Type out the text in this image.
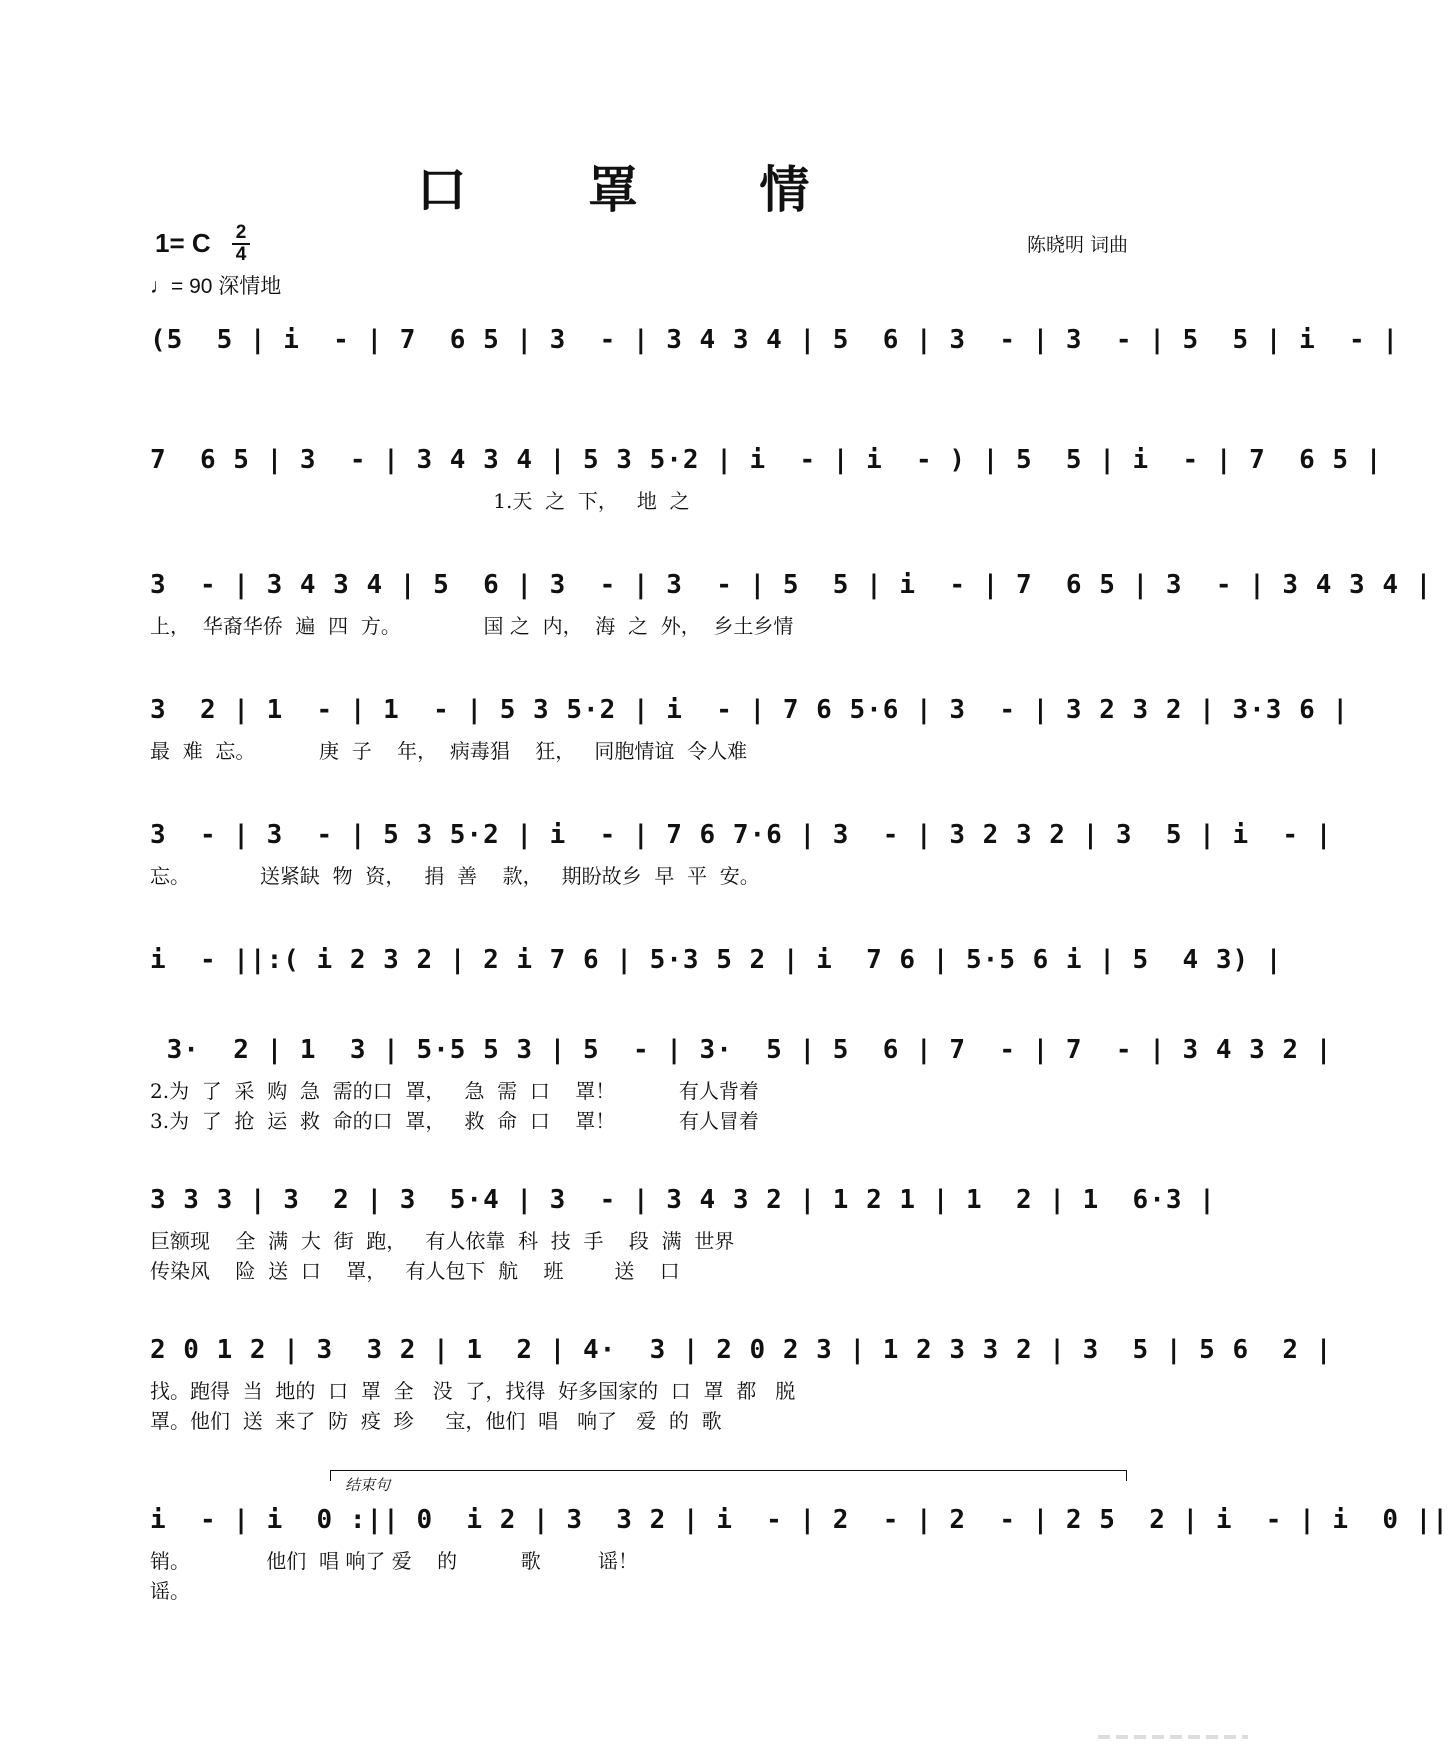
口 罩 情
1= C 2
4
♩= 90 深情地
陈晓明 词曲
(5  5 | i  - | 7  6 5 | 3  - | 3 4 3 4 | 5  6 | 3  - | 3  - | 5  5 | i  - |
7  6 5 | 3  - | 3 4 3 4 | 5 3 5·2 | i  - | i  - ) | 5  5 | i  - | 7  6 5 |
1.天  之  下，   地  之
3  - | 3 4 3 4 | 5  6 | 3  - | 3  - | 5  5 | i  - | 7  6 5 | 3  - | 3 4 3 4 |
上，  华裔华侨  遍  四  方。             国 之  内，  海  之  外，  乡土乡情
3  2 | 1  - | 1  - | 5 3 5·2 | i  - | 7 6 5·6 | 3  - | 3 2 3 2 | 3·3 6 |
最  难  忘。          庚  子    年，  病毒猖    狂，   同胞情谊  令人难
3  - | 3  - | 5 3 5·2 | i  - | 7 6 7·6 | 3  - | 3 2 3 2 | 3  5 | i  - |
忘。           送紧缺  物  资，   捐  善    款，   期盼故乡  早  平  安。
i  - ||:( i 2 3 2 | 2 i 7 6 | 5·3 5 2 | i  7 6 | 5·5 6 i | 5  4 3) |
3·  2 | 1  3 | 5·5 5 3 | 5  - | 3·  5 | 5  6 | 7  - | 7  - | 3 4 3 2 |
2.为  了  采  购  急  需的口  罩，   急  需  口    罩！          有人背着
3.为  了  抢  运  救  命的口  罩，   救  命  口    罩！          有人冒着
3 3 3 | 3  2 | 3  5·4 | 3  - | 3 4 3 2 | 1 2 1 | 1  2 | 1  6·3 |
巨额现    全  满  大  街  跑，   有人依靠  科  技  手    段  满  世界
传染风    险  送  口    罩，   有人包下  航    班        送    口
2 0 1 2 | 3  3 2 | 1  2 | 4·  3 | 2 0 2 3 | 1 2 3 3 2 | 3  5 | 5 6  2 |
找。跑得  当  地的  口  罩  全   没  了，找得  好多国家的  口  罩  都   脱
罩。他们  送  来了  防  疫  珍     宝，他们  唱   响了   爱  的  歌
i  - | i  0 :|| 0  i 2 | 3  3 2 | i  - | 2  - | 2  - | 2 5  2 | i  - | i  0 ||
销。            他们  唱 响了 爱    的          歌         谣！
谣。
结束句
